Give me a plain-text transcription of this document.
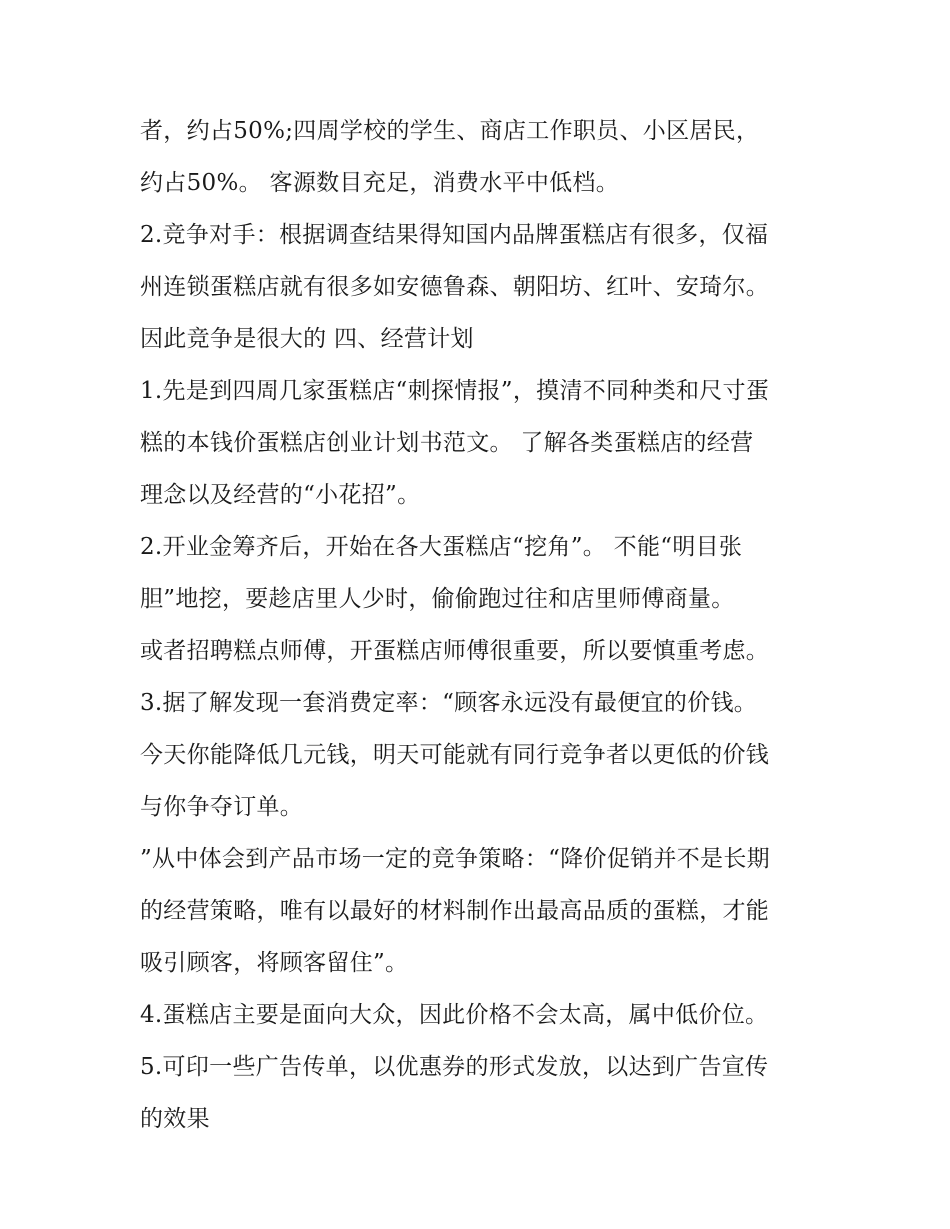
者，约占50%;四周学校的学生、商店工作职员、小区居民，
约占50%。 客源数目充足，消费水平中低档。
2.竞争对手：根据调查结果得知国内品牌蛋糕店有很多，仅福
州连锁蛋糕店就有很多如安德鲁森、朝阳坊、红叶、安琦尔。
因此竞争是很大的 四、经营计划
1.先是到四周几家蛋糕店“刺探情报”，摸清不同种类和尺寸蛋
糕的本钱价蛋糕店创业计划书范文。 了解各类蛋糕店的经营
理念以及经营的“小花招”。
2.开业金筹齐后，开始在各大蛋糕店“挖角”。 不能“明目张
胆”地挖，要趁店里人少时，偷偷跑过往和店里师傅商量。
或者招聘糕点师傅，开蛋糕店师傅很重要，所以要慎重考虑。
3.据了解发现一套消费定率：“顾客永远没有最便宜的价钱。
今天你能降低几元钱，明天可能就有同行竞争者以更低的价钱
与你争夺订单。
”从中体会到产品市场一定的竞争策略：“降价促销并不是长期
的经营策略，唯有以最好的材料制作出最高品质的蛋糕，才能
吸引顾客，将顾客留住”。
4.蛋糕店主要是面向大众，因此价格不会太高，属中低价位。
5.可印一些广告传单，以优惠券的形式发放，以达到广告宣传
的效果
